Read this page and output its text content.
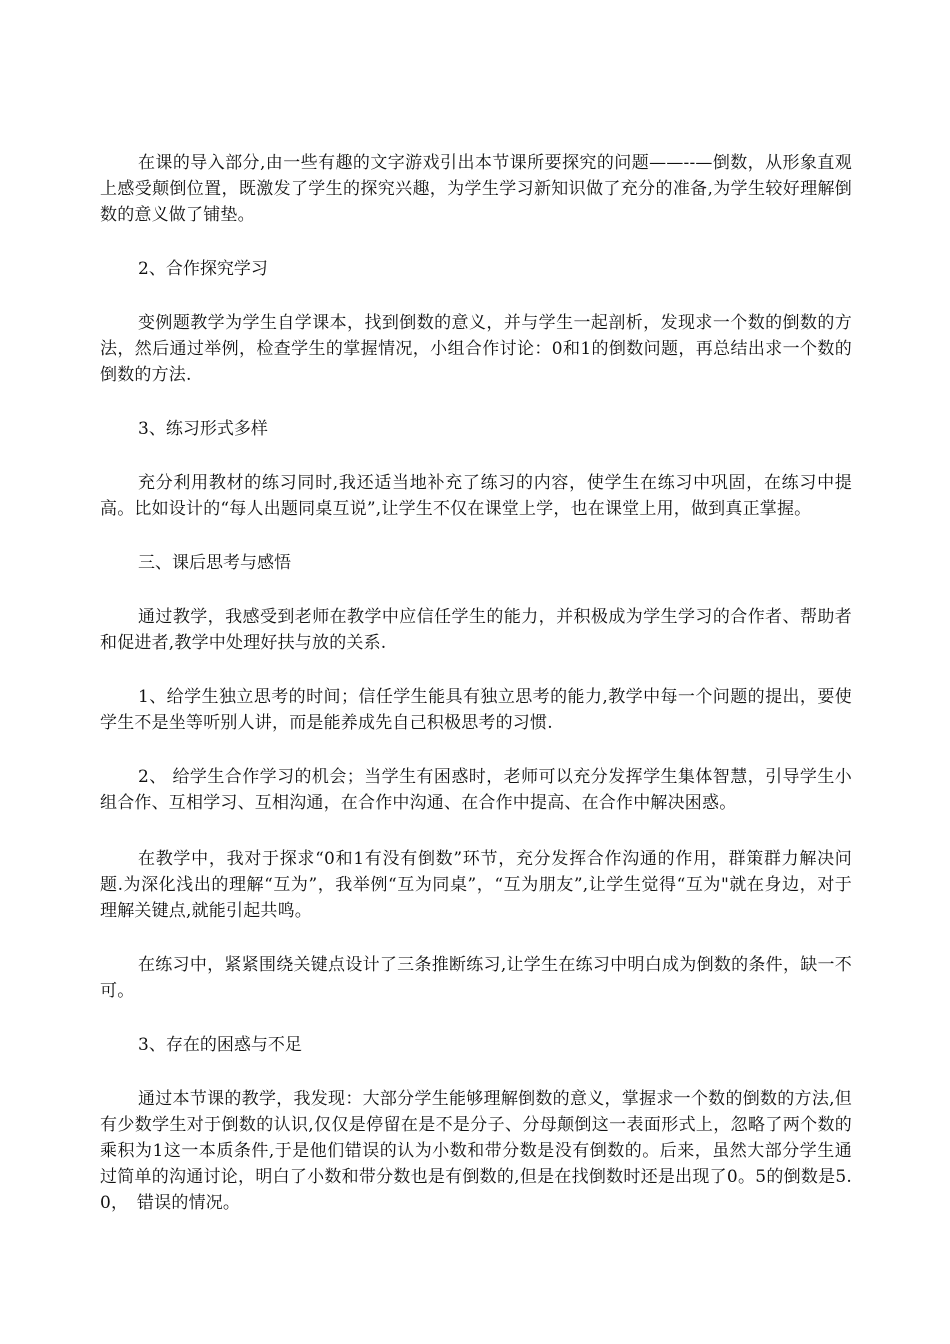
在课的导入部分,由一些有趣的文字游戏引出本节课所要探究的问题——--—倒数，从形象直观上感受颠倒位置，既激发了学生的探究兴趣，为学生学习新知识做了充分的准备,为学生较好理解倒数的意义做了铺垫。

2、合作探究学习

变例题教学为学生自学课本，找到倒数的意义，并与学生一起剖析，发现求一个数的倒数的方法，然后通过举例，检查学生的掌握情况，小组合作讨论：0和1的倒数问题，再总结出求一个数的倒数的方法.

3、练习形式多样

充分利用教材的练习同时,我还适当地补充了练习的内容，使学生在练习中巩固，在练习中提高。比如设计的“每人出题同桌互说”,让学生不仅在课堂上学，也在课堂上用，做到真正掌握。

三、课后思考与感悟

通过教学，我感受到老师在教学中应信任学生的能力，并积极成为学生学习的合作者、帮助者和促进者,教学中处理好扶与放的关系.

1、给学生独立思考的时间；信任学生能具有独立思考的能力,教学中每一个问题的提出，要使学生不是坐等听别人讲，而是能养成先自己积极思考的习惯.

2、 给学生合作学习的机会；当学生有困惑时，老师可以充分发挥学生集体智慧，引导学生小组合作、互相学习、互相沟通，在合作中沟通、在合作中提高、在合作中解决困惑。

在教学中，我对于探求“0和1有没有倒数”环节，充分发挥合作沟通的作用，群策群力解决问题.为深化浅出的理解“互为”，我举例“互为同桌”，“互为朋友”,让学生觉得“互为"就在身边，对于理解关键点,就能引起共鸣。

在练习中，紧紧围绕关键点设计了三条推断练习,让学生在练习中明白成为倒数的条件，缺一不可。

3、存在的困惑与不足

通过本节课的教学，我发现：大部分学生能够理解倒数的意义，掌握求一个数的倒数的方法,但有少数学生对于倒数的认识,仅仅是停留在是不是分子、分母颠倒这一表面形式上，忽略了两个数的乘积为1这一本质条件,于是他们错误的认为小数和带分数是没有倒数的。后来，虽然大部分学生通过简单的沟通讨论，明白了小数和带分数也是有倒数的,但是在找倒数时还是出现了0。5的倒数是5.0，　错误的情况。
